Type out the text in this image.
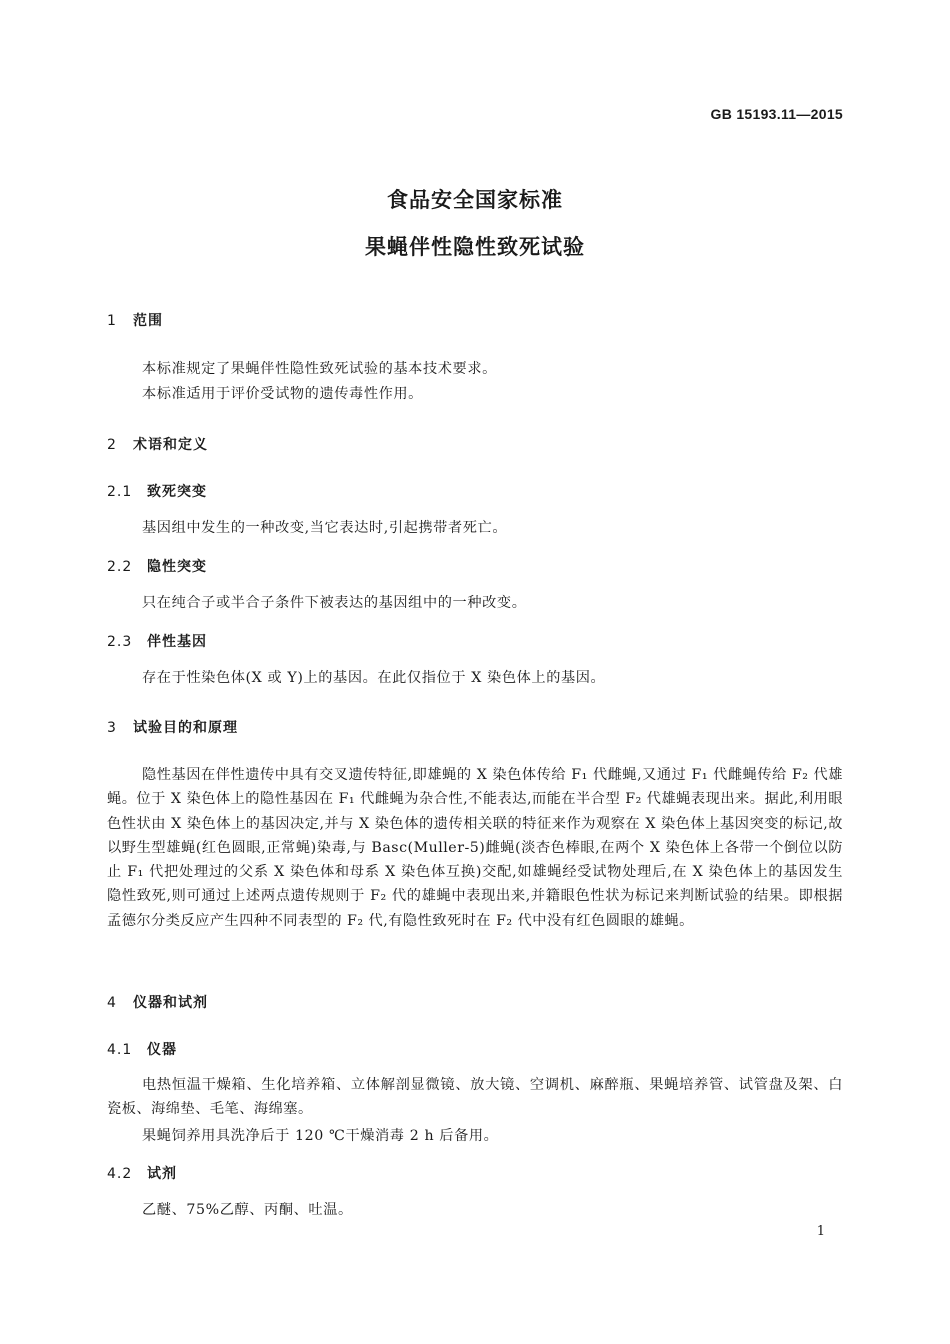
GB 15193.11—2015
食品安全国家标准
果蝇伴性隐性致死试验
1 范围
本标准规定了果蝇伴性隐性致死试验的基本技术要求。
本标准适用于评价受试物的遗传毒性作用。
2 术语和定义
2.1 致死突变
基因组中发生的一种改变,当它表达时,引起携带者死亡。
2.2 隐性突变
只在纯合子或半合子条件下被表达的基因组中的一种改变。
2.3 伴性基因
存在于性染色体(X 或 Y)上的基因。在此仅指位于 X 染色体上的基因。
3 试验目的和原理
隐性基因在伴性遗传中具有交叉遗传特征,即雄蝇的 X 染色体传给 F₁ 代雌蝇,又通过 F₁ 代雌蝇传给 F₂ 代雄蝇。位于 X 染色体上的隐性基因在 F₁ 代雌蝇为杂合性,不能表达,而能在半合型 F₂ 代雄蝇表现出来。据此,利用眼色性状由 X 染色体上的基因决定,并与 X 染色体的遗传相关联的特征来作为观察在 X 染色体上基因突变的标记,故以野生型雄蝇(红色圆眼,正常蝇)染毒,与 Basc(Muller-5)雌蝇(淡杏色棒眼,在两个 X 染色体上各带一个倒位以防止 F₁ 代把处理过的父系 X 染色体和母系 X 染色体互换)交配,如雄蝇经受试物处理后,在 X 染色体上的基因发生隐性致死,则可通过上述两点遗传规则于 F₂ 代的雄蝇中表现出来,并籍眼色性状为标记来判断试验的结果。即根据孟德尔分类反应产生四种不同表型的 F₂ 代,有隐性致死时在 F₂ 代中没有红色圆眼的雄蝇。
4 仪器和试剂
4.1 仪器
电热恒温干燥箱、生化培养箱、立体解剖显微镜、放大镜、空调机、麻醉瓶、果蝇培养管、试管盘及架、白瓷板、海绵垫、毛笔、海绵塞。
果蝇饲养用具洗净后于 120 ℃干燥消毒 2 h 后备用。
4.2 试剂
乙醚、75%乙醇、丙酮、吐温。
1
